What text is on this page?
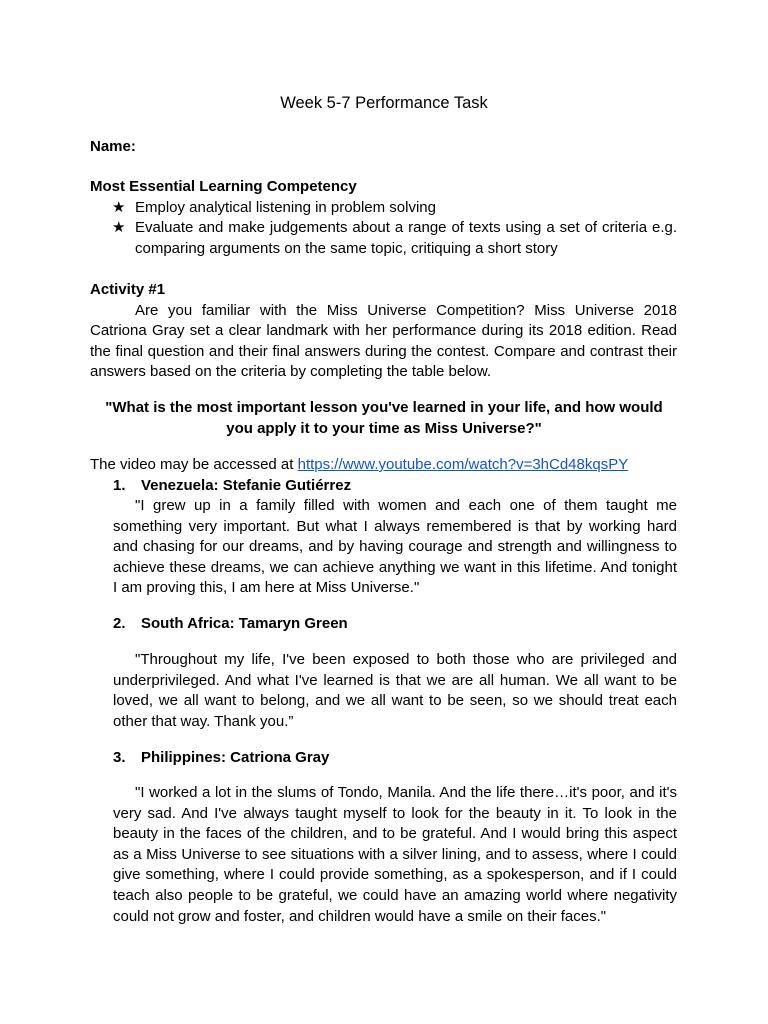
Week 5-7 Performance Task
Name:
Most Essential Learning Competency
★ Employ analytical listening in problem solving
★ Evaluate and make judgements about a range of texts using a set of criteria e.g. comparing arguments on the same topic, critiquing a short story
Activity #1
Are you familiar with the Miss Universe Competition? Miss Universe 2018 Catriona Gray set a clear landmark with her performance during its 2018 edition. Read the final question and their final answers during the contest. Compare and contrast their answers based on the criteria by completing the table below.
"What is the most important lesson you've learned in your life, and how would you apply it to your time as Miss Universe?"
The video may be accessed at https://www.youtube.com/watch?v=3hCd48kqsPY
1. Venezuela: Stefanie Gutiérrez
"I grew up in a family filled with women and each one of them taught me something very important. But what I always remembered is that by working hard and chasing for our dreams, and by having courage and strength and willingness to achieve these dreams, we can achieve anything we want in this lifetime. And tonight I am proving this, I am here at Miss Universe."
2. South Africa: Tamaryn Green
"Throughout my life, I've been exposed to both those who are privileged and underprivileged. And what I've learned is that we are all human. We all want to be loved, we all want to belong, and we all want to be seen, so we should treat each other that way. Thank you.”
3. Philippines: Catriona Gray
"I worked a lot in the slums of Tondo, Manila. And the life there…it's poor, and it's very sad. And I've always taught myself to look for the beauty in it. To look in the beauty in the faces of the children, and to be grateful. And I would bring this aspect as a Miss Universe to see situations with a silver lining, and to assess, where I could give something, where I could provide something, as a spokesperson, and if I could teach also people to be grateful, we could have an amazing world where negativity could not grow and foster, and children would have a smile on their faces."
